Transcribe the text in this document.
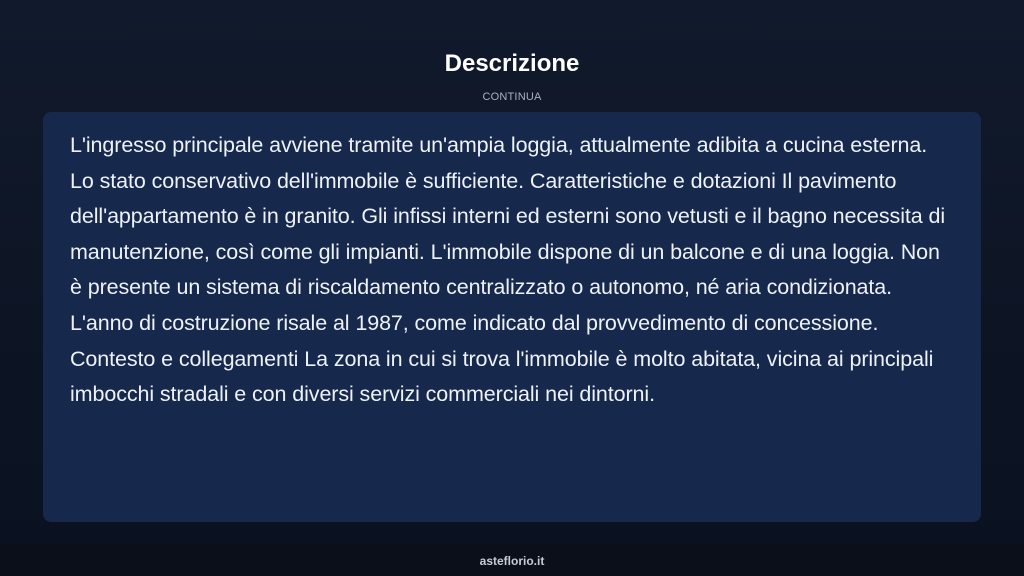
Descrizione
CONTINUA

L'ingresso principale avviene tramite un'ampia loggia, attualmente adibita a cucina esterna. Lo stato conservativo dell'immobile è sufficiente. Caratteristiche e dotazioni Il pavimento dell'appartamento è in granito. Gli infissi interni ed esterni sono vetusti e il bagno necessita di manutenzione, così come gli impianti. L'immobile dispone di un balcone e di una loggia. Non è presente un sistema di riscaldamento centralizzato o autonomo, né aria condizionata. L'anno di costruzione risale al 1987, come indicato dal provvedimento di concessione. Contesto e collegamenti La zona in cui si trova l'immobile è molto abitata, vicina ai principali imbocchi stradali e con diversi servizi commerciali nei dintorni.

asteflorio.it
